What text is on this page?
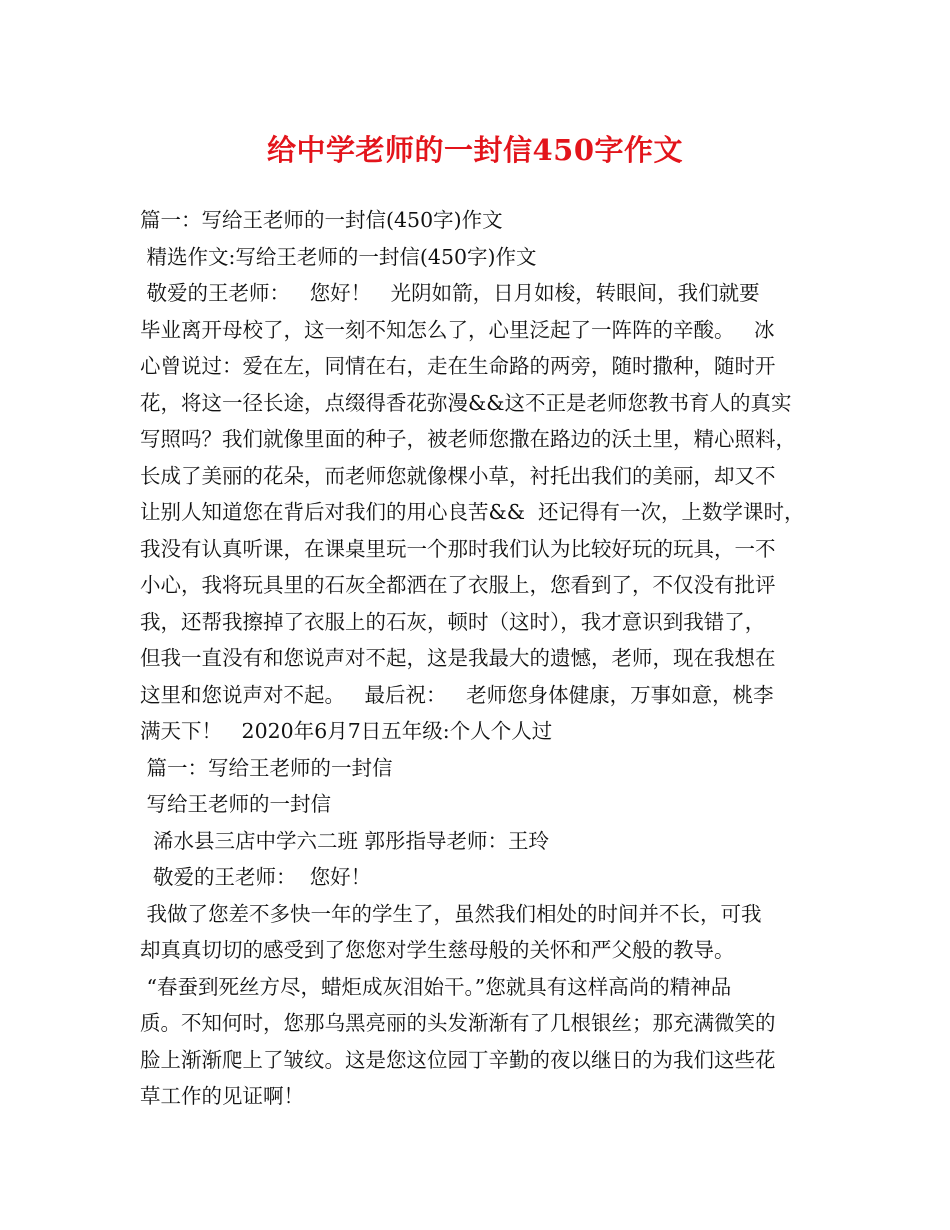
给中学老师的一封信450字作文

篇一：写给王老师的一封信(450字)作文

精选作文:写给王老师的一封信(450字)作文

敬爱的王老师：   您好！   光阴如箭，日月如梭，转眼间，我们就要

毕业离开母校了，这一刻不知怎么了，心里泛起了一阵阵的辛酸。   冰

心曾说过：爱在左，同情在右，走在生命路的两旁，随时撒种，随时开

花，将这一径长途，点缀得香花弥漫&&这不正是老师您教书育人的真实

写照吗？我们就像里面的种子，被老师您撒在路边的沃土里，精心照料，

长成了美丽的花朵，而老师您就像棵小草，衬托出我们的美丽，却又不

让别人知道您在背后对我们的用心良苦&&  还记得有一次，上数学课时，

我没有认真听课，在课桌里玩一个那时我们认为比较好玩的玩具，一不

小心，我将玩具里的石灰全都洒在了衣服上，您看到了，不仅没有批评

我，还帮我擦掉了衣服上的石灰，顿时（这时），我才意识到我错了，

但我一直没有和您说声对不起，这是我最大的遗憾，老师，现在我想在

这里和您说声对不起。   最后祝：   老师您身体健康，万事如意，桃李

满天下！   2020年6月7日五年级:个人个人过

篇一：写给王老师的一封信

写给王老师的一封信

浠水县三店中学六二班 郭彤指导老师：王玲

敬爱的王老师：  您好！

我做了您差不多快一年的学生了，虽然我们相处的时间并不长，可我

却真真切切的感受到了您您对学生慈母般的关怀和严父般的教导。

“春蚕到死丝方尽，蜡炬成灰泪始干。”您就具有这样高尚的精神品

质。不知何时，您那乌黑亮丽的头发渐渐有了几根银丝；那充满微笑的

脸上渐渐爬上了皱纹。这是您这位园丁辛勤的夜以继日的为我们这些花

草工作的见证啊！
